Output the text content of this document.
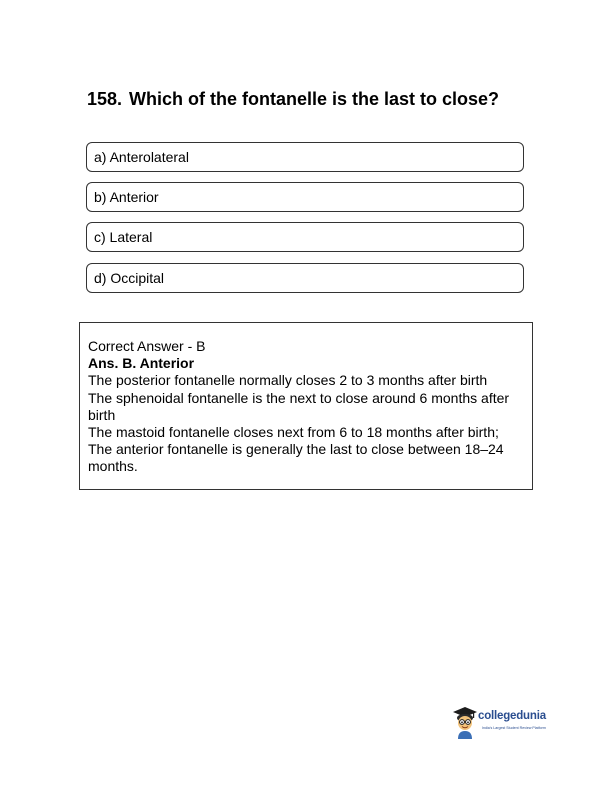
158. Which of the fontanelle is the last to close?
a) Anterolateral
b) Anterior
c) Lateral
d) Occipital
Correct Answer - B
Ans. B. Anterior
The posterior fontanelle normally closes 2 to 3 months after birth
The sphenoidal fontanelle is the next to close around 6 months after birth
The mastoid fontanelle closes next from 6 to 18 months after birth;
The anterior fontanelle is generally the last to close between 18–24 months.
collegedunia
India's Largest Student Review Platform
